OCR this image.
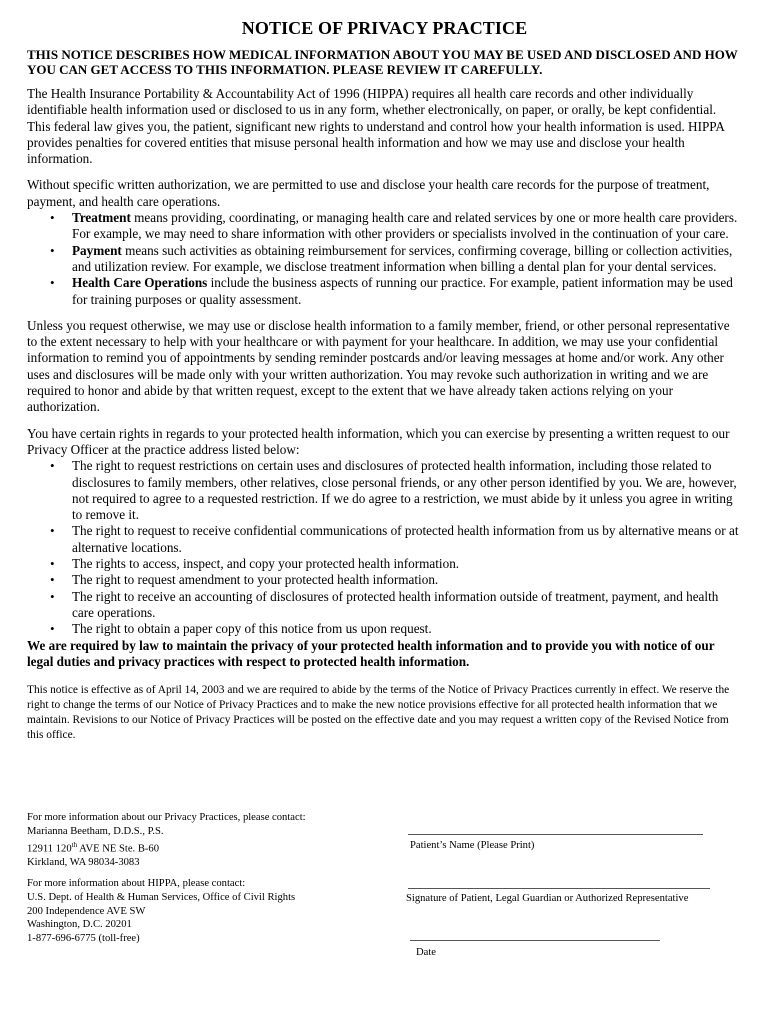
NOTICE OF PRIVACY PRACTICE
THIS NOTICE DESCRIBES HOW MEDICAL INFORMATION ABOUT YOU MAY BE USED AND DISCLOSED AND HOW YOU CAN GET ACCESS TO THIS INFORMATION. PLEASE REVIEW IT CAREFULLY.

The Health Insurance Portability & Accountability Act of 1996 (HIPPA) requires all health care records and other individually identifiable health information used or disclosed to us in any form, whether electronically, on paper, or orally, be kept confidential. This federal law gives you, the patient, significant new rights to understand and control how your health information is used. HIPPA provides penalties for covered entities that misuse personal health information and how we may use and disclose your health information.

Without specific written authorization, we are permitted to use and disclose your health care records for the purpose of treatment, payment, and health care operations.

• Treatment means providing, coordinating, or managing health care and related services by one or more health care providers. For example, we may need to share information with other providers or specialists involved in the continuation of your care.
• Payment means such activities as obtaining reimbursement for services, confirming coverage, billing or collection activities, and utilization review. For example, we disclose treatment information when billing a dental plan for your dental services.
• Health Care Operations include the business aspects of running our practice. For example, patient information may be used for training purposes or quality assessment.

Unless you request otherwise, we may use or disclose health information to a family member, friend, or other personal representative to the extent necessary to help with your healthcare or with payment for your healthcare. In addition, we may use your confidential information to remind you of appointments by sending reminder postcards and/or leaving messages at home and/or work. Any other uses and disclosures will be made only with your written authorization. You may revoke such authorization in writing and we are required to honor and abide by that written request, except to the extent that we have already taken actions relying on your authorization.

You have certain rights in regards to your protected health information, which you can exercise by presenting a written request to our Privacy Officer at the practice address listed below:

• The right to request restrictions on certain uses and disclosures of protected health information, including those related to disclosures to family members, other relatives, close personal friends, or any other person identified by you. We are, however, not required to agree to a requested restriction. If we do agree to a restriction, we must abide by it unless you agree in writing to remove it.
• The right to request to receive confidential communications of protected health information from us by alternative means or at alternative locations.
• The rights to access, inspect, and copy your protected health information.
• The right to request amendment to your protected health information.
• The right to receive an accounting of disclosures of protected health information outside of treatment, payment, and health care operations.
• The right to obtain a paper copy of this notice from us upon request.

We are required by law to maintain the privacy of your protected health information and to provide you with notice of our legal duties and privacy practices with respect to protected health information.

This notice is effective as of April 14, 2003 and we are required to abide by the terms of the Notice of Privacy Practices currently in effect. We reserve the right to change the terms of our Notice of Privacy Practices and to make the new notice provisions effective for all protected health information that we maintain. Revisions to our Notice of Privacy Practices will be posted on the effective date and you may request a written copy of the Revised Notice from this office.

For more information about our Privacy Practices, please contact:
Marianna Beetham, D.D.S., P.S.
12911 120th AVE NE Ste. B-60
Kirkland, WA 98034-3083
For more information about HIPPA, please contact:
U.S. Dept. of Health & Human Services, Office of Civil Rights
200 Independence AVE SW
Washington, D.C. 20201
1-877-696-6775 (toll-free)
Patient’s Name (Please Print)
Signature of Patient, Legal Guardian or Authorized Representative
Date
